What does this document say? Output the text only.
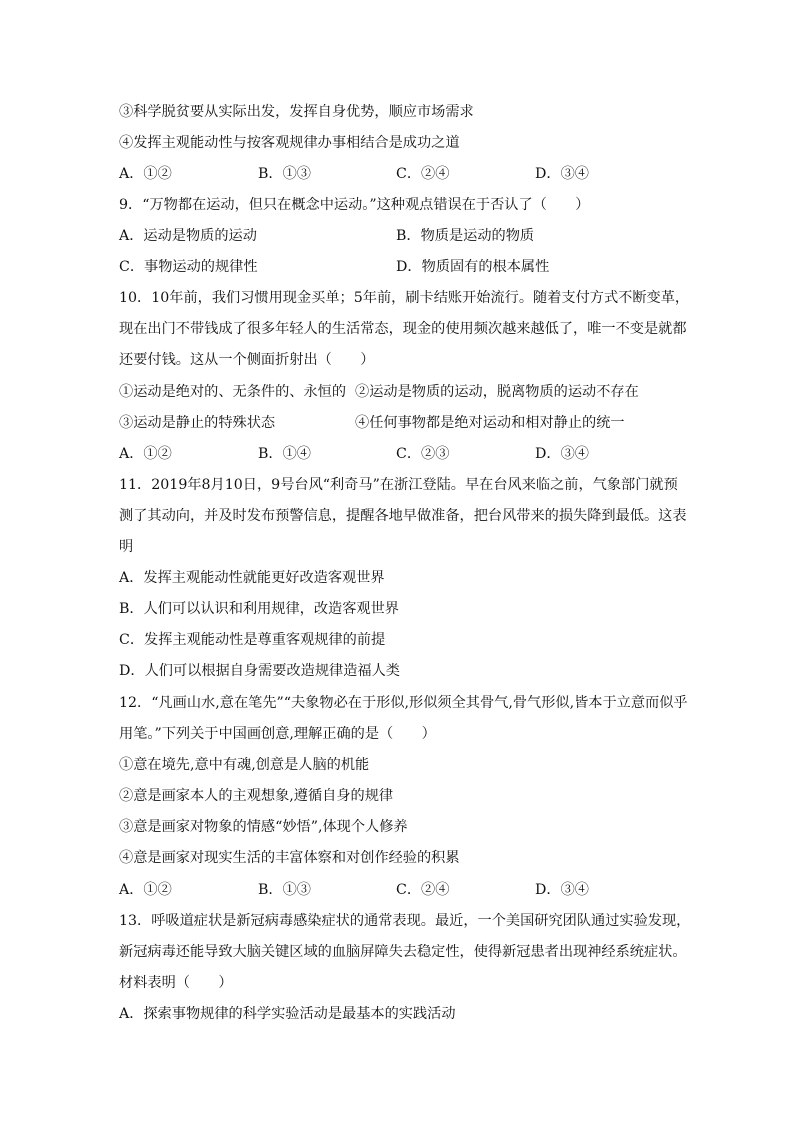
③科学脱贫要从实际出发，发挥自身优势，顺应市场需求

④发挥主观能动性与按客观规律办事相结合是成功之道

A．①②	B．①③	C．②④	D．③④

9．“万物都在运动，但只在概念中运动。”这种观点错误在于否认了（　　）

A．运动是物质的运动	B．物质是运动的物质
C．事物运动的规律性	D．物质固有的根本属性

10．10年前，我们习惯用现金买单；5年前，刷卡结账开始流行。随着支付方式不断变革，

现在出门不带钱成了很多年轻人的生活常态，现金的使用频次越来越低了，唯一不变是就都

还要付钱。这从一个侧面折射出（　　）

①运动是绝对的、无条件的、永恒的 ②运动是物质的运动，脱离物质的运动不存在
③运动是静止的特殊状态	④任何事物都是绝对运动和相对静止的统一
A．①②	B．①④	C．②③	D．③④

11．2019年8月10日，9号台风“利奇马”在浙江登陆。早在台风来临之前，气象部门就预

测了其动向，并及时发布预警信息，提醒各地早做准备，把台风带来的损失降到最低。这表

明

A．发挥主观能动性就能更好改造客观世界

B．人们可以认识和利用规律，改造客观世界

C．发挥主观能动性是尊重客观规律的前提

D．人们可以根据自身需要改造规律造福人类

12．“凡画山水,意在笔先”“夫象物必在于形似,形似须全其骨气,骨气形似,皆本于立意而似乎

用笔。”下列关于中国画创意,理解正确的是（　　）

①意在境先,意中有魂,创意是人脑的机能

②意是画家本人的主观想象,遵循自身的规律

③意是画家对物象的情感“妙悟”,体现个人修养

④意是画家对现实生活的丰富体察和对创作经验的积累

A．①②	B．①③	C．②④	D．③④

13．呼吸道症状是新冠病毒感染症状的通常表现。最近，一个美国研究团队通过实验发现，

新冠病毒还能导致大脑关键区域的血脑屏障失去稳定性，使得新冠患者出现神经系统症状。

材料表明（　　）

A．探索事物规律的科学实验活动是最基本的实践活动
